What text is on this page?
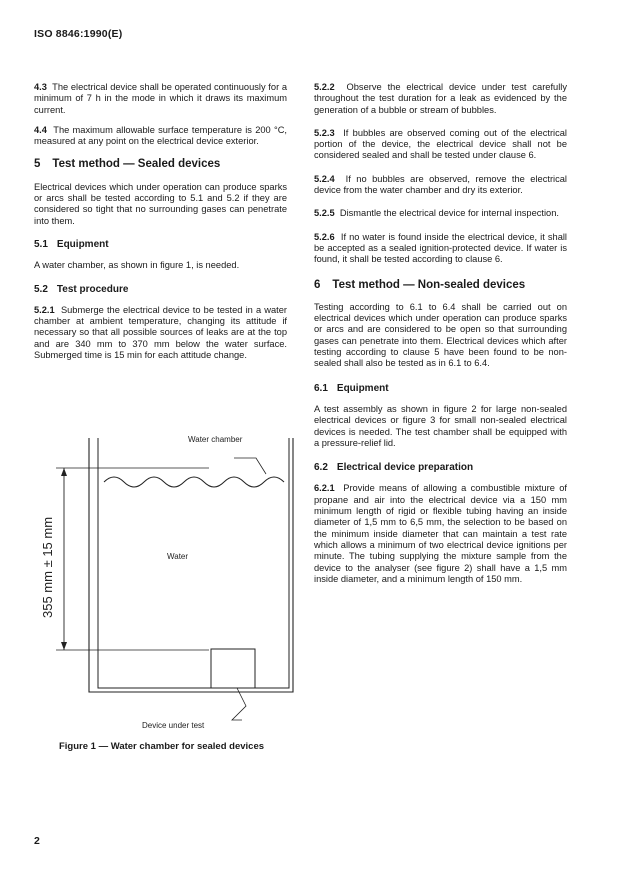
ISO 8846:1990(E)

4.3 The electrical device shall be operated continuously for a minimum of 7 h in the mode in which it draws its maximum current.

4.4 The maximum allowable surface temperature is 200 °C, measured at any point on the electrical device exterior.

5 Test method — Sealed devices

Electrical devices which under operation can produce sparks or arcs shall be tested according to 5.1 and 5.2 if they are considered so tight that no surrounding gases can penetrate into them.

5.1 Equipment

A water chamber, as shown in figure 1, is needed.

5.2 Test procedure

5.2.1 Submerge the electrical device to be tested in a water chamber at ambient temperature, changing its attitude if necessary so that all possible sources of leaks are at the top and are 340 mm to 370 mm below the water surface. Submerged time is 15 min for each attitude change.

Water chamber
Water
Device under test
355 mm ± 15 mm
Figure 1 — Water chamber for sealed devices

5.2.2 Observe the electrical device under test carefully throughout the test duration for a leak as evidenced by the generation of a bubble or stream of bubbles.

5.2.3 If bubbles are observed coming out of the electrical portion of the device, the electrical device shall not be considered sealed and shall be tested under clause 6.

5.2.4 If no bubbles are observed, remove the electrical device from the water chamber and dry its exterior.

5.2.5 Dismantle the electrical device for internal inspection.

5.2.6 If no water is found inside the electrical device, it shall be accepted as a sealed ignition-protected device. If water is found, it shall be tested according to clause 6.

6 Test method — Non-sealed devices

Testing according to 6.1 to 6.4 shall be carried out on electrical devices which under operation can produce sparks or arcs and are considered to be open so that surrounding gases can penetrate into them. Electrical devices which after testing according to clause 5 have been found to be non-sealed shall also be tested as in 6.1 to 6.4.

6.1 Equipment

A test assembly as shown in figure 2 for large non-sealed electrical devices or figure 3 for small non-sealed electrical devices is needed. The test chamber shall be equipped with a pressure-relief lid.

6.2 Electrical device preparation

6.2.1 Provide means of allowing a combustible mixture of propane and air into the electrical device via a 150 mm minimum length of rigid or flexible tubing having an inside diameter of 1,5 mm to 6,5 mm, the selection to be based on the minimum inside diameter that can maintain a test rate which allows a minimum of two electrical device ignitions per minute. The tubing supplying the mixture sample from the device to the analyser (see figure 2) shall have a 1,5 mm inside diameter, and a minimum length of 150 mm.

2
